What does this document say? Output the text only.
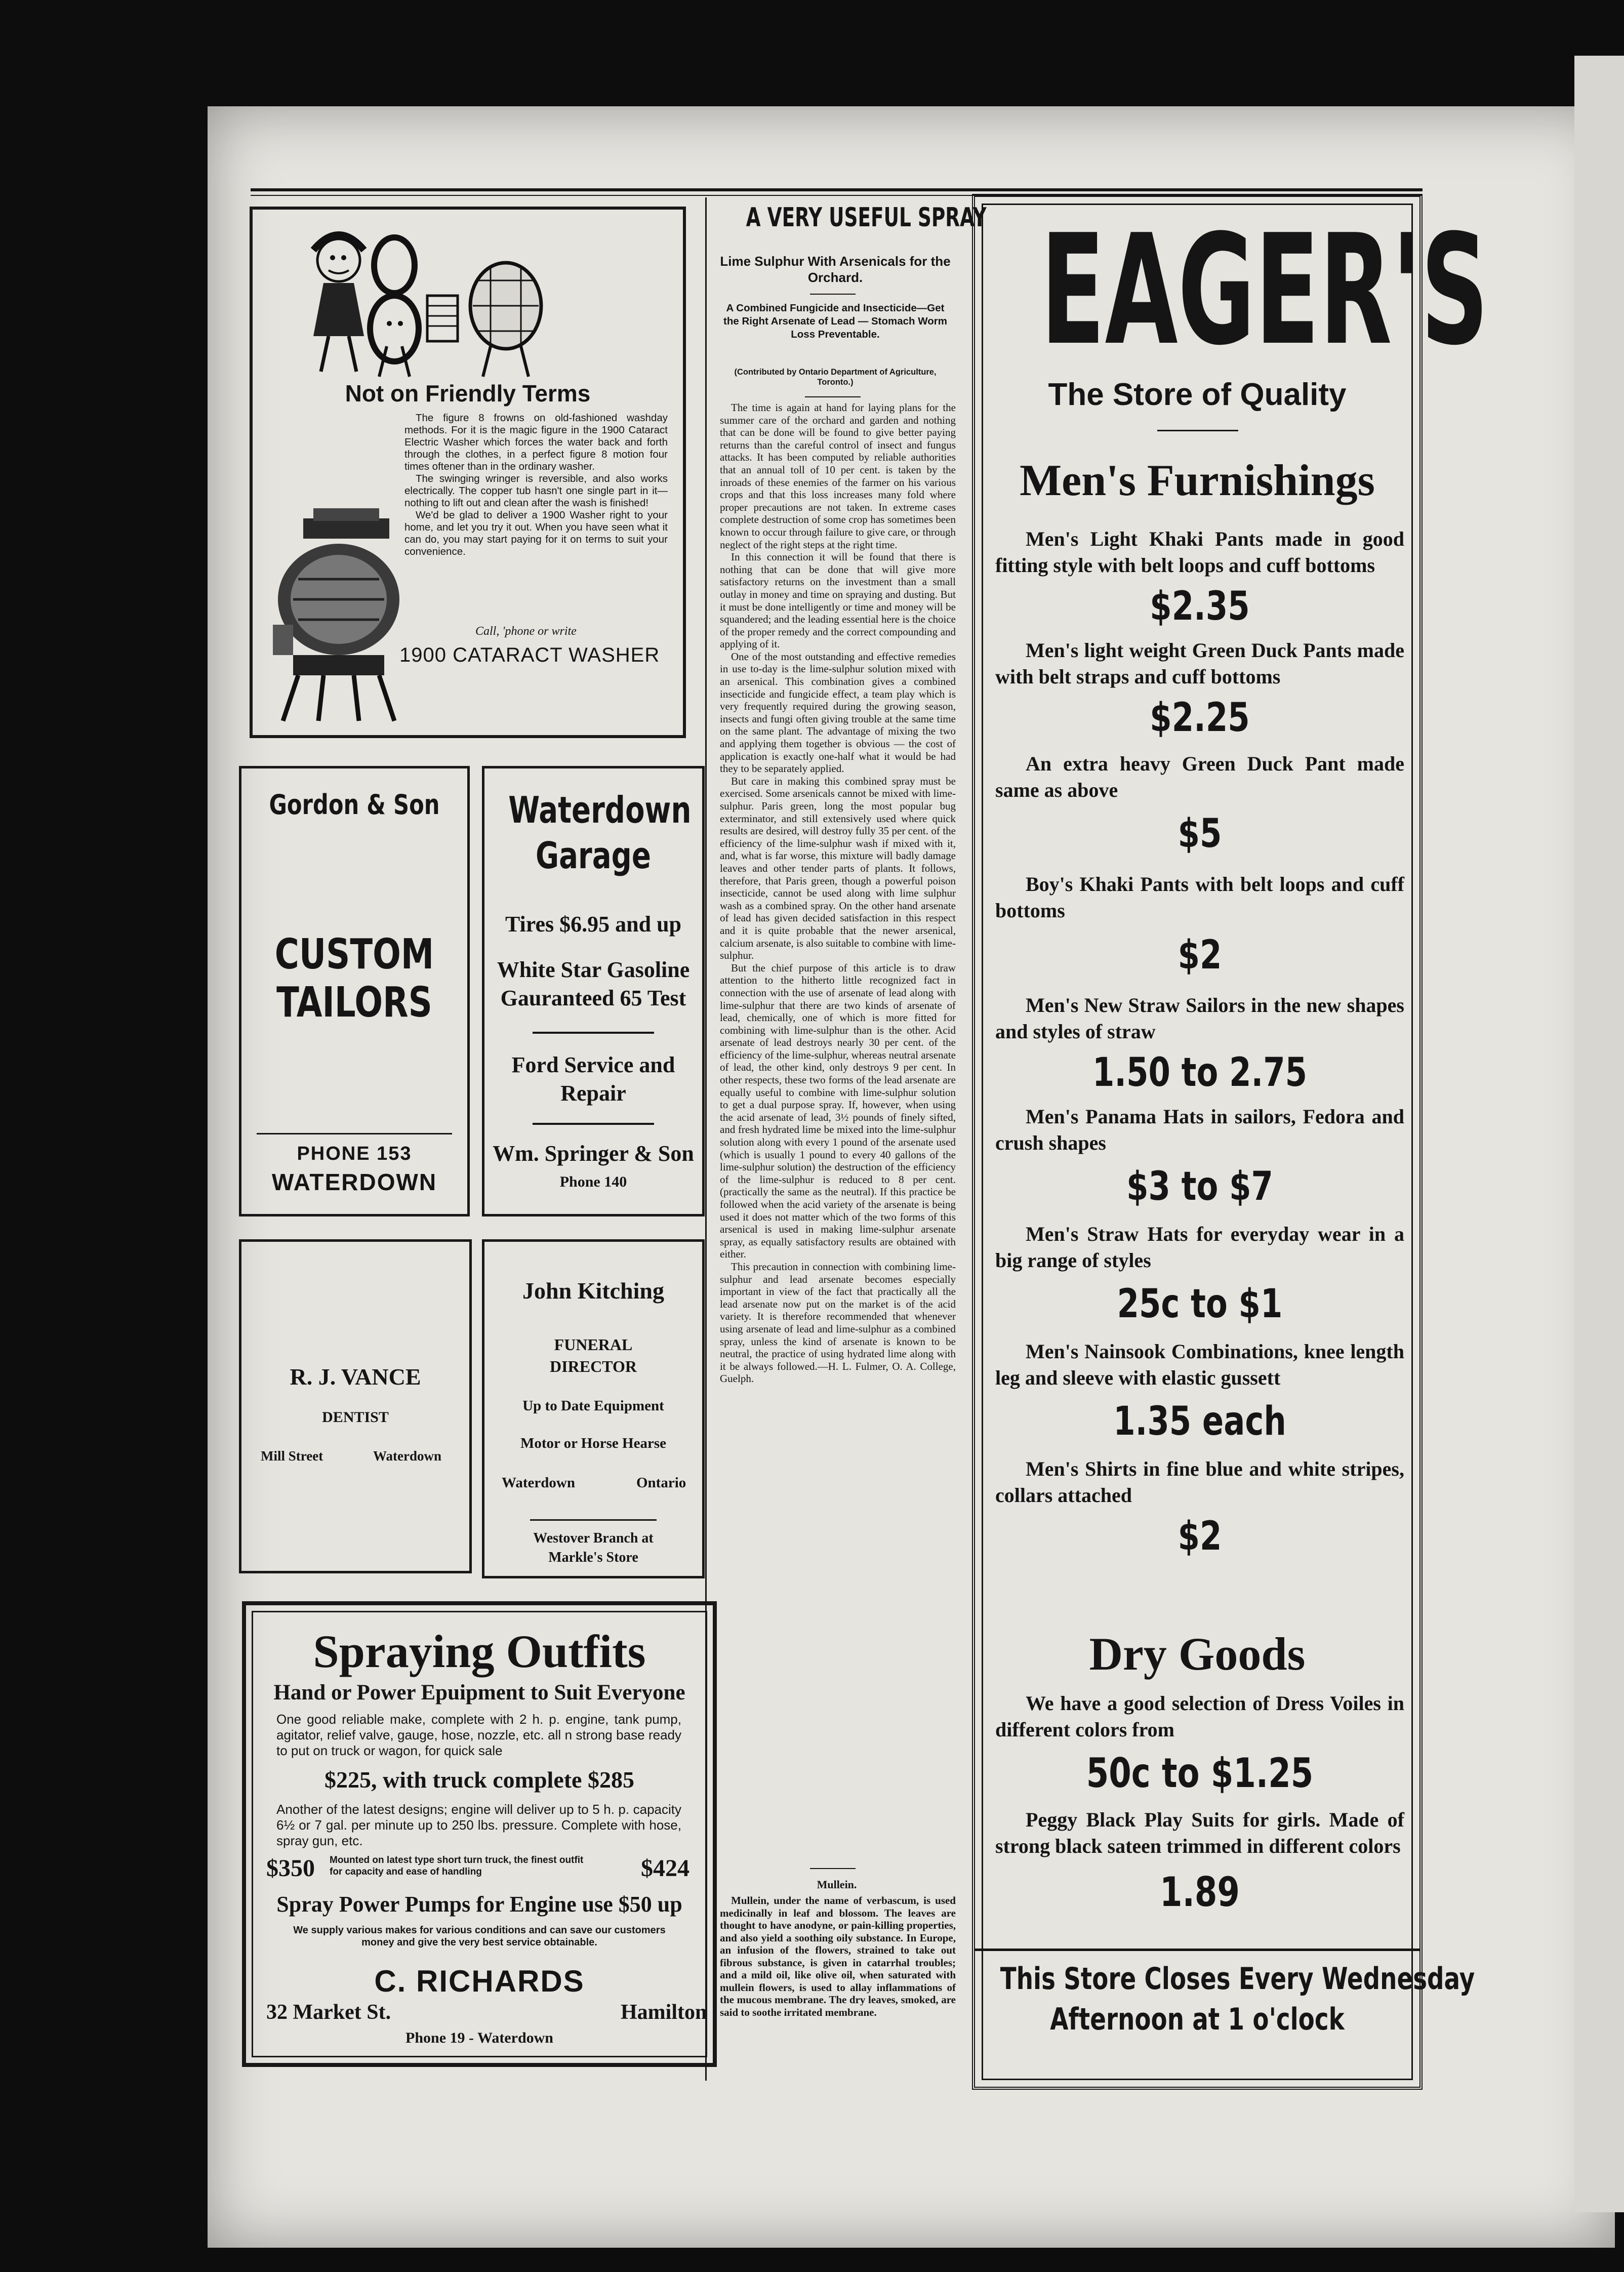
Not on Friendly Terms

The figure 8 frowns on old-fashioned washday methods. For it is the magic figure in the 1900 Cataract Electric Washer which forces the water back and forth through the clothes, in a perfect figure 8 motion four times oftener than in the ordinary washer.

The swinging wringer is reversible, and also works electrically. The copper tub hasn't one single part in it—nothing to lift out and clean after the wash is finished!

We'd be glad to deliver a 1900 Washer right to your home, and let you try it out. When you have seen what it can do, you may start paying for it on terms to suit your convenience.

Call, 'phone or write
1900 CATARACT WASHER
Gordon & Son
CUSTOM
TAILORS
PHONE 153
WATERDOWN
Waterdown
Garage
Tires $6.95 and up
White Star Gasoline
Gauranteed 65 Test
Ford Service and
Repair
Wm. Springer & Son
Phone 140
R. J. VANCE
DENTIST
Mill Street	Waterdown
John Kitching
FUNERAL
DIRECTOR
Up to Date Equipment
Motor or Horse Hearse
Waterdown	Ontario
Westover Branch at
Markle's Store
Spraying Outfits
Hand or Power Epuipment to Suit Everyone
One good reliable make, complete with 2 h. p. engine, tank pump, agitator, relief valve, gauge, hose, nozzle, etc. all n strong base ready to put on truck or wagon, for quick sale
$225, with truck complete $285
Another of the latest designs; engine will deliver up to 5 h. p. capacity 6½ or 7 gal. per minute up to 250 lbs. pressure. Complete with hose, spray gun, etc.
$350 Mounted on latest type short turn truck, the finest outfit for capacity and ease of handling	$424
Spray Power Pumps for Engine use $50 up
We supply various makes for various conditions and can save our customers money and give the very best service obtainable.
C. RICHARDS
32 Market St.	Hamilton
Phone 19 - Waterdown
A VERY USEFUL SPRAY
Lime Sulphur With Arsenicals for the Orchard.
A Combined Fungicide and Insecticide—Get the Right Arsenate of Lead — Stomach Worm Loss Preventable.
(Contributed by Ontario Department of Agriculture, Toronto.)

The time is again at hand for laying plans for the summer care of the orchard and garden and nothing that can be done will be found to give better paying returns than the careful control of insect and fungus attacks. It has been computed by reliable authorities that an annual toll of 10 per cent. is taken by the inroads of these enemies of the farmer on his various crops and that this loss increases many fold where proper precautions are not taken. In extreme cases complete destruction of some crop has sometimes been known to occur through failure to give care, or through neglect of the right steps at the right time.

In this connection it will be found that there is nothing that can be done that will give more satisfactory returns on the investment than a small outlay in money and time on spraying and dusting. But it must be done intelligently or time and money will be squandered; and the leading essential here is the choice of the proper remedy and the correct compounding and applying of it.

One of the most outstanding and effective remedies in use to-day is the lime-sulphur solution mixed with an arsenical. This combination gives a combined insecticide and fungicide effect, a team play which is very frequently required during the growing season, insects and fungi often giving trouble at the same time on the same plant. The advantage of mixing the two and applying them together is obvious — the cost of application is exactly one-half what it would be had they to be separately applied.

But care in making this combined spray must be exercised. Some arsenicals cannot be mixed with lime-sulphur. Paris green, long the most popular bug exterminator, and still extensively used where quick results are desired, will destroy fully 35 per cent. of the efficiency of the lime-sulphur wash if mixed with it, and, what is far worse, this mixture will badly damage leaves and other tender parts of plants. It follows, therefore, that Paris green, though a powerful poison insecticide, cannot be used along with lime sulphur wash as a combined spray. On the other hand arsenate of lead has given decided satisfaction in this respect and it is quite probable that the newer arsenical, calcium arsenate, is also suitable to combine with lime-sulphur.

But the chief purpose of this article is to draw attention to the hitherto little recognized fact in connection with the use of arsenate of lead along with lime-sulphur that there are two kinds of arsenate of lead, chemically, one of which is more fitted for combining with lime-sulphur than is the other. Acid arsenate of lead destroys nearly 30 per cent. of the efficiency of the lime-sulphur, whereas neutral arsenate of lead, the other kind, only destroys 9 per cent. In other respects, these two forms of the lead arsenate are equally useful to combine with lime-sulphur solution to get a dual purpose spray. If, however, when using the acid arsenate of lead, 3½ pounds of finely sifted, and fresh hydrated lime be mixed into the lime-sulphur solution along with every 1 pound of the arsenate used (which is usually 1 pound to every 40 gallons of the lime-sulphur solution) the destruction of the efficiency of the lime-sulphur is reduced to 8 per cent. (practically the same as the neutral). If this practice be followed when the acid variety of the arsenate is being used it does not matter which of the two forms of this arsenical is used in making lime-sulphur arsenate spray, as equally satisfactory results are obtained with either.

This precaution in connection with combining lime-sulphur and lead arsenate becomes especially important in view of the fact that practically all the lead arsenate now put on the market is of the acid variety. It is therefore recommended that whenever using arsenate of lead and lime-sulphur as a combined spray, unless the kind of arsenate is known to be neutral, the practice of using hydrated lime along with it be always followed.—H. L. Fulmer, O. A. College, Guelph.

Mullein.
Mullein, under the name of verbascum, is used medicinally in leaf and blossom. The leaves are thought to have anodyne, or pain-killing properties, and also yield a soothing oily substance. In Europe, an infusion of the flowers, strained to take out fibrous substance, is given in catarrhal troubles; and a mild oil, like olive oil, when saturated with mullein flowers, is used to allay inflammations of the mucous membrane. The dry leaves, smoked, are said to soothe irritated membrane.
EAGER'S
The Store of Quality
Men's Furnishings

Men's Light Khaki Pants made in good fitting style with belt loops and cuff bottoms

$2.35

Men's light weight Green Duck Pants made with belt straps and cuff bottoms

$2.25

An extra heavy Green Duck Pant made same as above

$5

Boy's Khaki Pants with belt loops and cuff bottoms

$2

Men's New Straw Sailors in the new shapes and styles of straw

1.50 to 2.75

Men's Panama Hats in sailors, Fedora and crush shapes

$3 to $7

Men's Straw Hats for everyday wear in a big range of styles

25c to $1

Men's Nainsook Combinations, knee length leg and sleeve with elastic gussett

1.35 each

Men's Shirts in fine blue and white stripes, collars attached

$2

Dry Goods

We have a good selection of Dress Voiles in different colors from

50c to $1.25

Peggy Black Play Suits for girls. Made of strong black sateen trimmed in different colors

1.89

This Store Closes Every Wednesday
Afternoon at 1 o'clock
